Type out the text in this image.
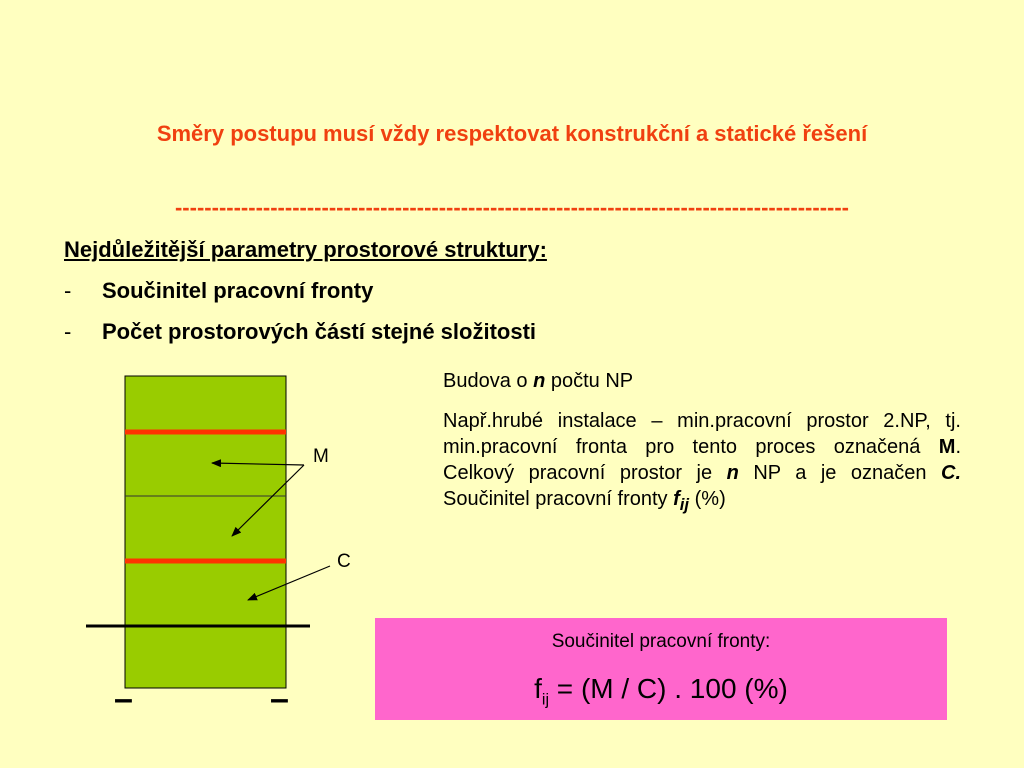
Směry postupu musí vždy respektovat konstrukční a statické řešení
--------------------------------------------------------------------------------------------
Nejdůležitější parametry prostorové struktury:
- Součinitel pracovní fronty
- Počet prostorových částí stejné složitosti
M
C
–	–

Budova o n počtu NP

Např.hrubé instalace – min.pracovní prostor 2.NP, tj. min.pracovní fronta pro tento proces označená M. Celkový pracovní prostor je n NP a je označen C. Součinitel pracovní fronty $f_{ij}$ (%)

Součinitel pracovní fronty:
$f_{ij} = (M / C)$ . 100 (%)
